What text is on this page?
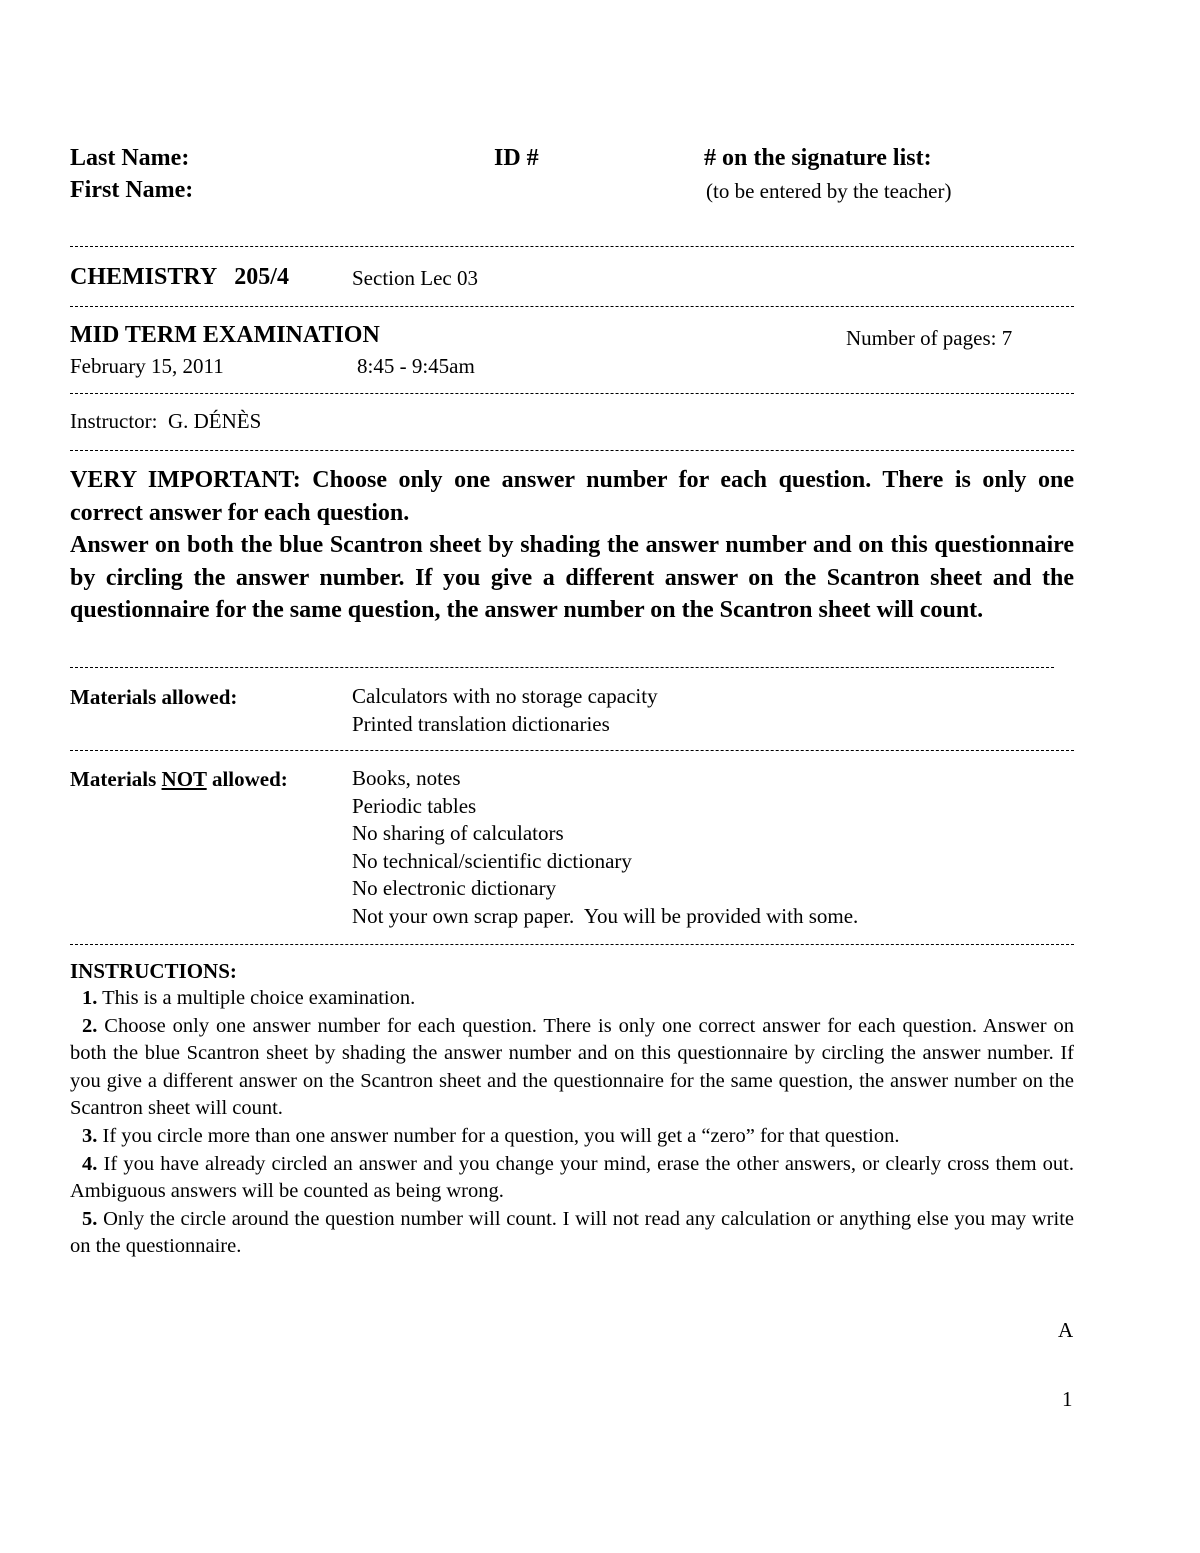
Last Name:
First Name:
ID #	# on the signature list:
(to be entered by the teacher)
CHEMISTRY   205/4	Section Lec 03
MID TERM EXAMINATION	Number of pages: 7
February 15, 2011	8:45 - 9:45am
Instructor:  G. DÉNÈS

VERY IMPORTANT: Choose only one answer number for each question. There is only one correct answer for each question.

Answer on both the blue Scantron sheet by shading the answer number and on this questionnaire by circling the answer number. If you give a different answer on the Scantron sheet and the questionnaire for the same question, the answer number on the Scantron sheet will count.

Materials allowed:	Calculators with no storage capacity
Printed translation dictionaries
Materials NOT allowed:	Books, notes
Periodic tables
No sharing of calculators
No technical/scientific dictionary
No electronic dictionary
Not your own scrap paper.  You will be provided with some.
INSTRUCTIONS:

1. This is a multiple choice examination.

2. Choose only one answer number for each question. There is only one correct answer for each question. Answer on both the blue Scantron sheet by shading the answer number and on this questionnaire by circling the answer number. If you give a different answer on the Scantron sheet and the questionnaire for the same question, the answer number on the Scantron sheet will count.

3. If you circle more than one answer number for a question, you will get a “zero” for that question.

4. If you have already circled an answer and you change your mind, erase the other answers, or clearly cross them out. Ambiguous answers will be counted as being wrong.

5. Only the circle around the question number will count. I will not read any calculation or anything else you may write on the questionnaire.

A
1
